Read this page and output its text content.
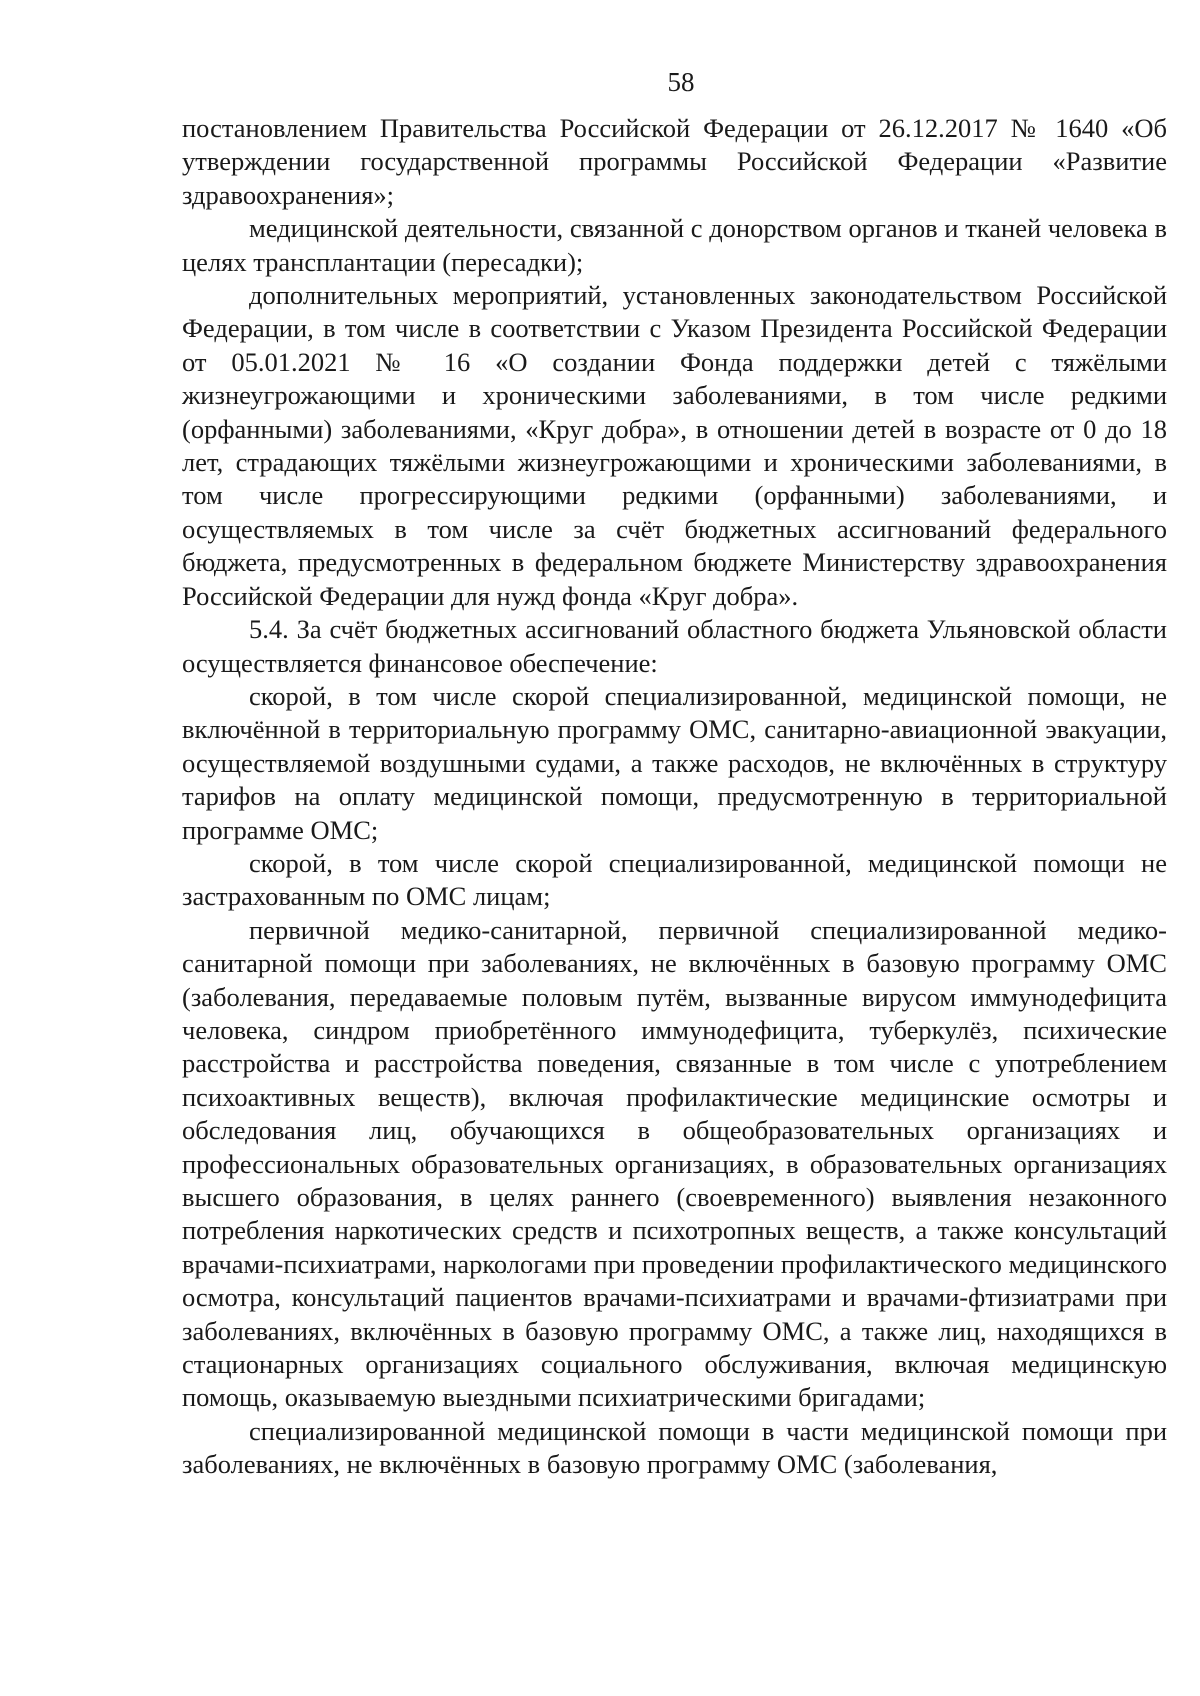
58

постановлением Правительства Российской Федерации от 26.12.2017 № 1640 «Об утверждении государственной программы Российской Федерации «Развитие здравоохранения»;

медицинской деятельности, связанной с донорством органов и тканей человека в целях трансплантации (пересадки);

дополнительных мероприятий, установленных законодательством Российской Федерации, в том числе в соответствии с Указом Президента Российской Федерации от 05.01.2021 № 16 «О создании Фонда поддержки детей с тяжёлыми жизнеугрожающими и хроническими заболеваниями, в том числе редкими (орфанными) заболеваниями, «Круг добра», в отношении детей в возрасте от 0 до 18 лет, страдающих тяжёлыми жизнеугрожающими и хроническими заболеваниями, в том числе прогрессирующими редкими (орфанными) заболеваниями, и осуществляемых в том числе за счёт бюджетных ассигнований федерального бюджета, предусмотренных в федеральном бюджете Министерству здравоохранения Российской Федерации для нужд фонда «Круг добра».

5.4. За счёт бюджетных ассигнований областного бюджета Ульяновской области осуществляется финансовое обеспечение:

скорой, в том числе скорой специализированной, медицинской помощи, не включённой в территориальную программу ОМС, санитарно-авиационной эвакуации, осуществляемой воздушными судами, а также расходов, не включённых в структуру тарифов на оплату медицинской помощи, предусмотренную в территориальной программе ОМС;

скорой, в том числе скорой специализированной, медицинской помощи не застрахованным по ОМС лицам;

первичной медико-санитарной, первичной специализированной медико-санитарной помощи при заболеваниях, не включённых в базовую программу ОМС (заболевания, передаваемые половым путём, вызванные вирусом иммунодефицита человека, синдром приобретённого иммунодефицита, туберкулёз, психические расстройства и расстройства поведения, связанные в том числе с употреблением психоактивных веществ), включая профилактические медицинские осмотры и обследования лиц, обучающихся в общеобразовательных организациях и профессиональных образовательных организациях, в образовательных организациях высшего образования, в целях раннего (своевременного) выявления незаконного потребления наркотических средств и психотропных веществ, а также консультаций врачами-психиатрами, наркологами при проведении профилактического медицинского осмотра, консультаций пациентов врачами-психиатрами и врачами-фтизиатрами при заболеваниях, включённых в базовую программу ОМС, а также лиц, находящихся в стационарных организациях социального обслуживания, включая медицинскую помощь, оказываемую выездными психиатрическими бригадами;

специализированной медицинской помощи в части медицинской помощи при заболеваниях, не включённых в базовую программу ОМС (заболевания,
